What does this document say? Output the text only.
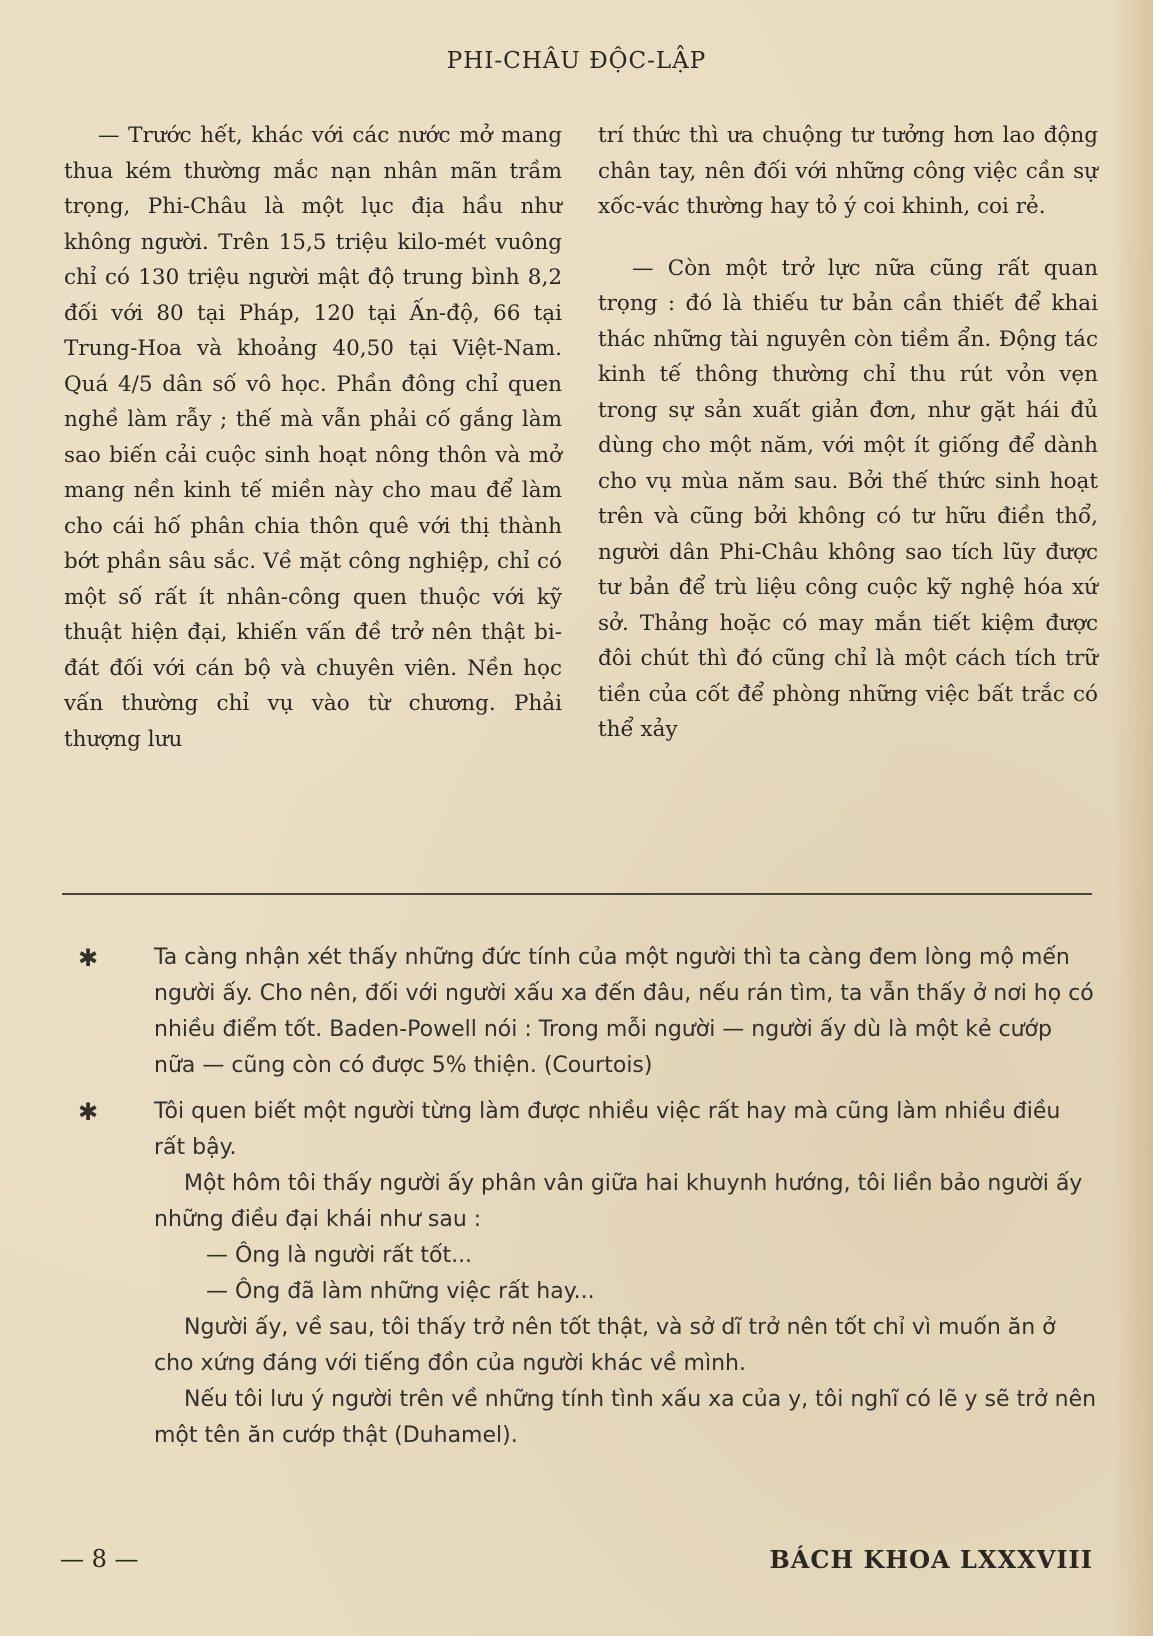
PHI-CHÂU ĐỘC-LẬP

— Trước hết, khác với các nước mở mang thua kém thường mắc nạn nhân mãn trầm trọng, Phi-Châu là một lục địa hầu như không người. Trên 15,5 triệu kilo-mét vuông chỉ có 130 triệu người mật độ trung bình 8,2 đối với 80 tại Pháp, 120 tại Ấn-độ, 66 tại Trung-Hoa và khoảng 40,50 tại Việt-Nam. Quá 4/5 dân số vô học. Phần đông chỉ quen nghề làm rẫy ; thế mà vẫn phải cố gắng làm sao biến cải cuộc sinh hoạt nông thôn và mở mang nền kinh tế miền này cho mau để làm cho cái hố phân chia thôn quê với thị thành bớt phần sâu sắc. Về mặt công nghiệp, chỉ có một số rất ít nhân-công quen thuộc với kỹ thuật hiện đại, khiến vấn đề trở nên thật bi-đát đối với cán bộ và chuyên viên. Nền học vấn thường chỉ vụ vào từ chương. Phải thượng lưu

trí thức thì ưa chuộng tư tưởng hơn lao động chân tay, nên đối với những công việc cần sự xốc-vác thường hay tỏ ý coi khinh, coi rẻ.

— Còn một trở lực nữa cũng rất quan trọng : đó là thiếu tư bản cần thiết để khai thác những tài nguyên còn tiềm ẩn. Động tác kinh tế thông thường chỉ thu rút vỏn vẹn trong sự sản xuất giản đơn, như gặt hái đủ dùng cho một năm, với một ít giống để dành cho vụ mùa năm sau. Bởi thế thức sinh hoạt trên và cũng bởi không có tư hữu điền thổ, người dân Phi-Châu không sao tích lũy được tư bản để trù liệu công cuộc kỹ nghệ hóa xứ sở. Thảng hoặc có may mắn tiết kiệm được đôi chút thì đó cũng chỉ là một cách tích trữ tiền của cốt để phòng những việc bất trắc có thể xảy

✱	Ta càng nhận xét thấy những đức tính của một người thì ta càng đem lòng mộ mến người ấy. Cho nên, đối với người xấu xa đến đâu, nếu rán tìm, ta vẫn thấy ở nơi họ có nhiều điểm tốt. Baden-Powell nói : Trong mỗi người — người ấy dù là một kẻ cướp nữa — cũng còn có được 5% thiện. (Courtois)

✱	Tôi quen biết một người từng làm được nhiều việc rất hay mà cũng làm nhiều điều rất bậy.

Một hôm tôi thấy người ấy phân vân giữa hai khuynh hướng, tôi liền bảo người ấy những điều đại khái như sau :

— Ông là người rất tốt...

— Ông đã làm những việc rất hay...

Người ấy, về sau, tôi thấy trở nên tốt thật, và sở dĩ trở nên tốt chỉ vì muốn ăn ở cho xứng đáng với tiếng đồn của người khác về mình.

Nếu tôi lưu ý người trên về những tính tình xấu xa của y, tôi nghĩ có lẽ y sẽ trở nên một tên ăn cướp thật (Duhamel).

— 8 —	BÁCH KHOA LXXXVIII
